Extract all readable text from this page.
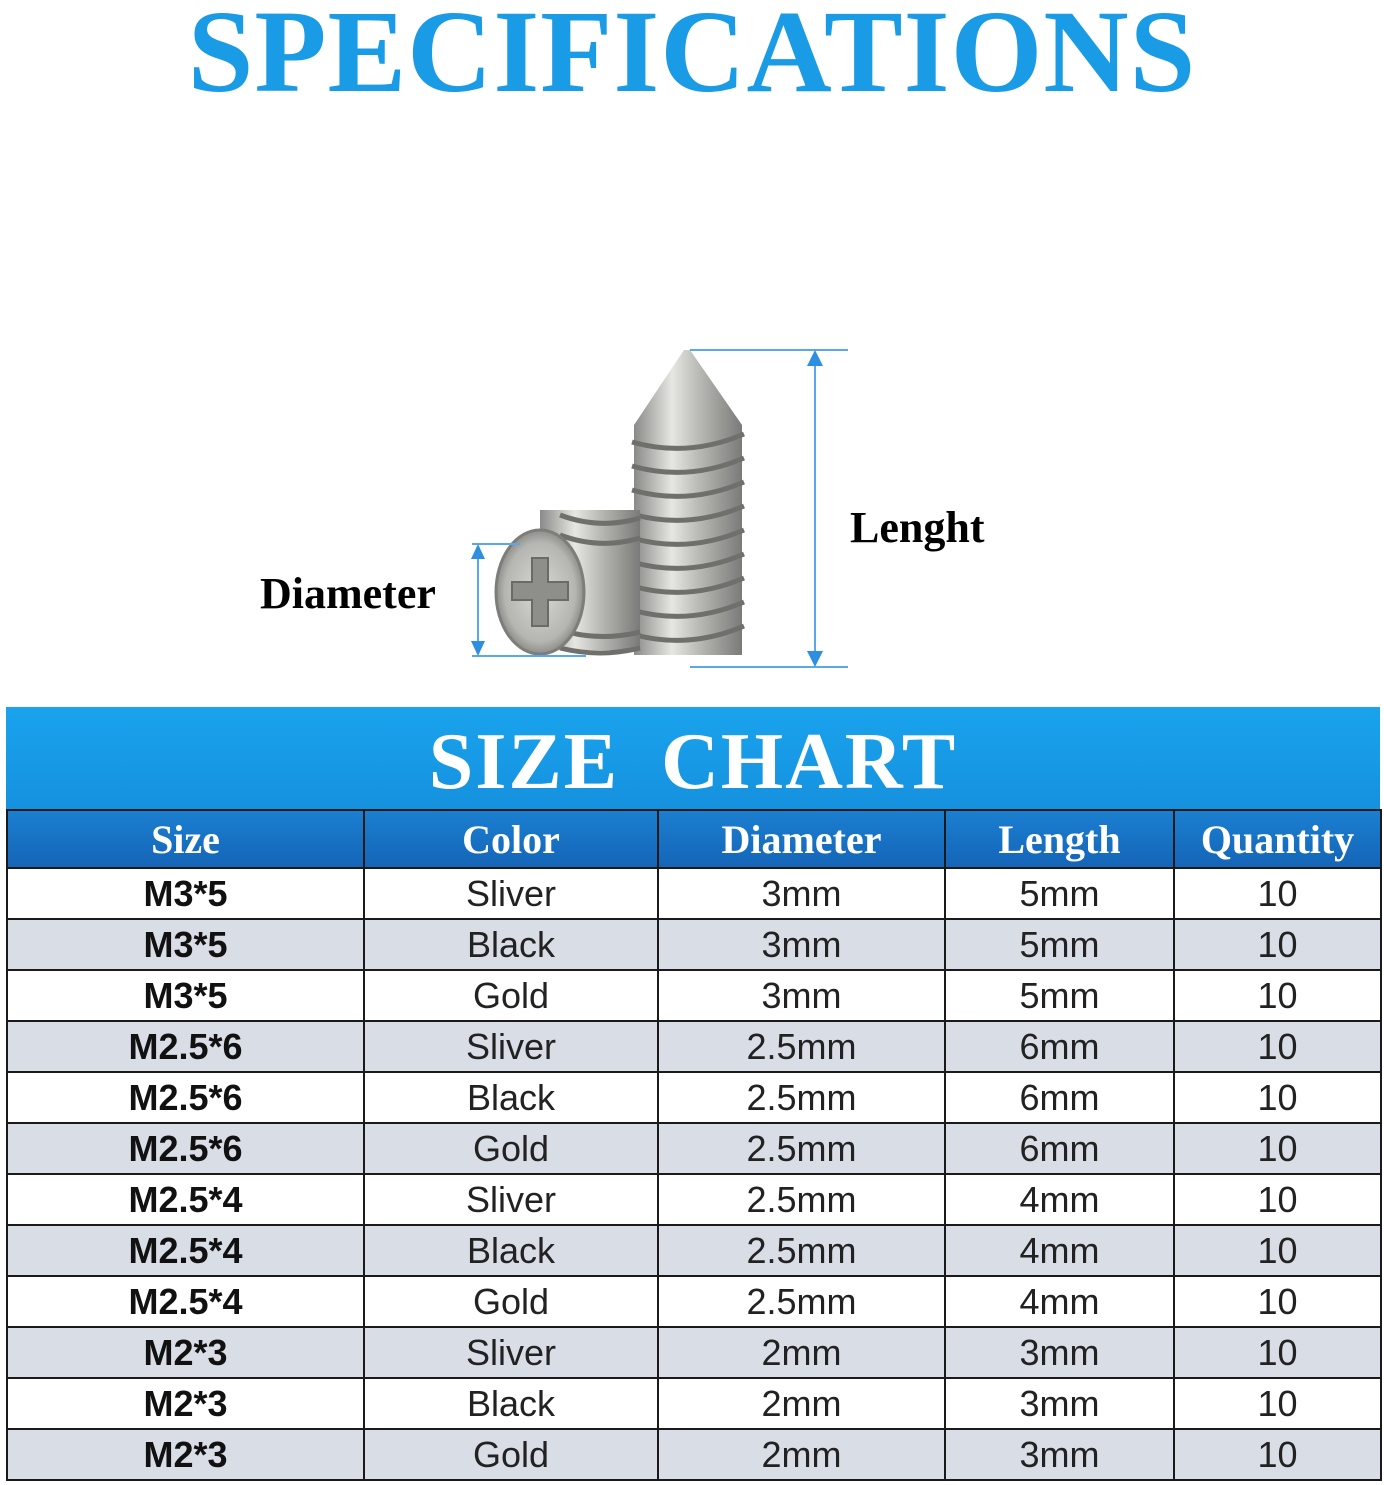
SPECIFICATIONS
Diameter
Lenght
SIZE CHART
Size	Color	Diameter	Length	Quantity
M3*5	Sliver	3mm	5mm	10
M3*5	Black	3mm	5mm	10
M3*5	Gold	3mm	5mm	10
M2.5*6	Sliver	2.5mm	6mm	10
M2.5*6	Black	2.5mm	6mm	10
M2.5*6	Gold	2.5mm	6mm	10
M2.5*4	Sliver	2.5mm	4mm	10
M2.5*4	Black	2.5mm	4mm	10
M2.5*4	Gold	2.5mm	4mm	10
M2*3	Sliver	2mm	3mm	10
M2*3	Black	2mm	3mm	10
M2*3	Gold	2mm	3mm	10
